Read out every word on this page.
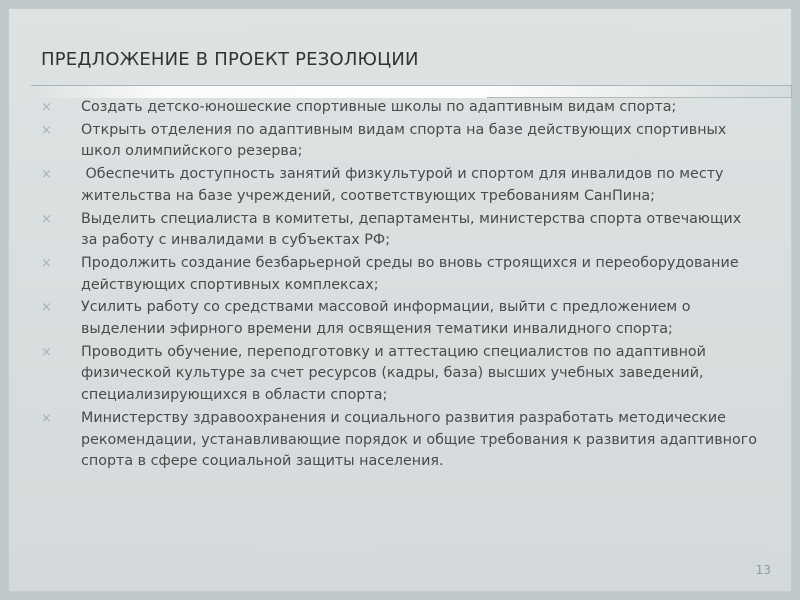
ПРЕДЛОЖЕНИЕ В ПРОЕКТ РЕЗОЛЮЦИИ
× Создать детско-юношеские спортивные школы по адаптивным видам спорта;
× Открыть отделения по адаптивным видам спорта на базе действующих спортивных школ олимпийского резерва;
× Обеспечить доступность занятий физкультурой и спортом для инвалидов по месту жительства на базе учреждений, соответствующих требованиям СанПина;
× Выделить специалиста в комитеты, департаменты, министерства спорта отвечающих за работу с инвалидами в субъектах РФ;
× Продолжить создание безбарьерной среды во вновь строящихся и переоборудование действующих спортивных комплексах;
× Усилить работу со средствами массовой информации, выйти с предложением о выделении эфирного времени для освящения тематики инвалидного спорта;
× Проводить обучение, переподготовку и аттестацию специалистов по адаптивной физической культуре за счет ресурсов (кадры, база) высших учебных заведений, специализирующихся в области спорта;
× Министерству здравоохранения и социального развития разработать методические рекомендации, устанавливающие порядок и общие требования к развития адаптивного спорта в сфере социальной защиты населения.
13
